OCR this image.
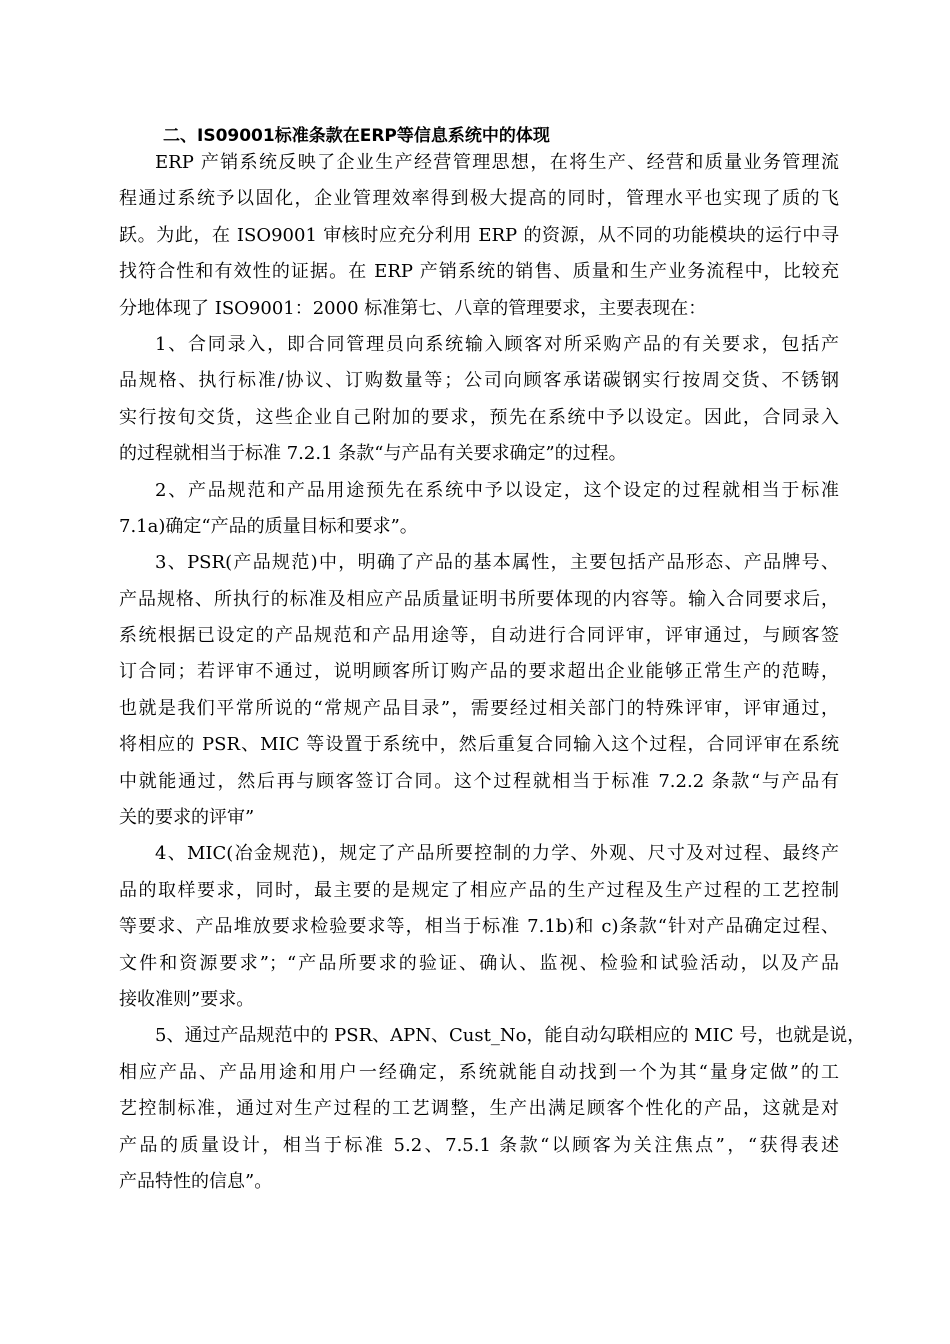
二、IS09001标准条款在ERP等信息系统中的体现
ERP 产销系统反映了企业生产经营管理思想，在将生产、经营和质量业务管理流
程通过系统予以固化，企业管理效率得到极大提高的同时，管理水平也实现了质的飞
跃。为此，在 ISO9001 审核时应充分利用 ERP 的资源，从不同的功能模块的运行中寻
找符合性和有效性的证据。在 ERP 产销系统的销售、质量和生产业务流程中，比较充
分地体现了 ISO9001：2000 标准第七、八章的管理要求，主要表现在：
1、合同录入，即合同管理员向系统输入顾客对所采购产品的有关要求，包括产
品规格、执行标准/协议、订购数量等；公司向顾客承诺碳钢实行按周交货、不锈钢
实行按旬交货，这些企业自己附加的要求，预先在系统中予以设定。因此，合同录入
的过程就相当于标准 7.2.1 条款“与产品有关要求确定”的过程。
2、产品规范和产品用途预先在系统中予以设定，这个设定的过程就相当于标准
7.1a)确定“产品的质量目标和要求”。
3、PSR(产品规范)中，明确了产品的基本属性，主要包括产品形态、产品牌号、
产品规格、所执行的标准及相应产品质量证明书所要体现的内容等。输入合同要求后，
系统根据已设定的产品规范和产品用途等，自动进行合同评审，评审通过，与顾客签
订合同；若评审不通过，说明顾客所订购产品的要求超出企业能够正常生产的范畴，
也就是我们平常所说的“常规产品目录”，需要经过相关部门的特殊评审，评审通过，
将相应的 PSR、MIC 等设置于系统中，然后重复合同输入这个过程，合同评审在系统
中就能通过，然后再与顾客签订合同。这个过程就相当于标准 7.2.2 条款“与产品有
关的要求的评审”
4、MIC(冶金规范)，规定了产品所要控制的力学、外观、尺寸及对过程、最终产
品的取样要求，同时，最主要的是规定了相应产品的生产过程及生产过程的工艺控制
等要求、产品堆放要求检验要求等，相当于标准 7.1b)和 c)条款“针对产品确定过程、
文件和资源要求”；“产品所要求的验证、确认、监视、检验和试验活动，以及产品
接收准则”要求。
5、通过产品规范中的 PSR、APN、Cust_No，能自动勾联相应的 MIC 号，也就是说，
相应产品、产品用途和用户一经确定，系统就能自动找到一个为其“量身定做”的工
艺控制标准，通过对生产过程的工艺调整，生产出满足顾客个性化的产品，这就是对
产品的质量设计，相当于标准 5.2、7.5.1 条款“以顾客为关注焦点”，“获得表述
产品特性的信息”。
